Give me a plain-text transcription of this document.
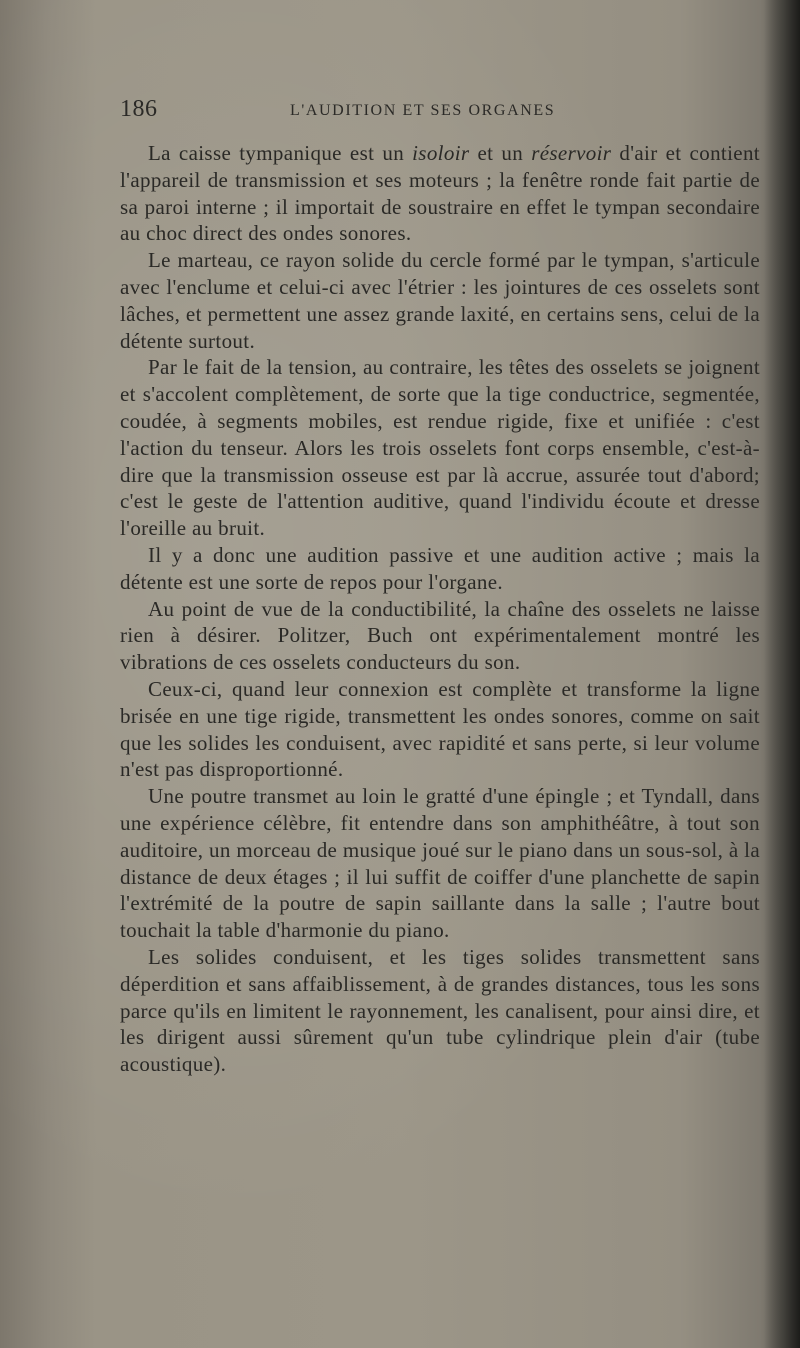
186	L'AUDITION ET SES ORGANES

La caisse tympanique est un isoloir et un réservoir d'air et contient l'appareil de transmission et ses moteurs ; la fenêtre ronde fait partie de sa paroi interne ; il importait de soustraire en effet le tympan secondaire au choc direct des ondes sonores.

Le marteau, ce rayon solide du cercle formé par le tympan, s'articule avec l'enclume et celui-ci avec l'étrier : les jointures de ces osselets sont lâches, et permettent une assez grande laxité, en certains sens, celui de la détente surtout.

Par le fait de la tension, au contraire, les têtes des osselets se joignent et s'accolent complètement, de sorte que la tige conductrice, segmentée, coudée, à segments mobiles, est rendue rigide, fixe et unifiée : c'est l'action du tenseur. Alors les trois osselets font corps ensemble, c'est-à-dire que la transmission osseuse est par là accrue, assurée tout d'abord; c'est le geste de l'attention auditive, quand l'individu écoute et dresse l'oreille au bruit.

Il y a donc une audition passive et une audition active ; mais la détente est une sorte de repos pour l'organe.

Au point de vue de la conductibilité, la chaîne des osselets ne laisse rien à désirer. Politzer, Buch ont expérimentalement montré les vibrations de ces osselets conducteurs du son.

Ceux-ci, quand leur connexion est complète et transforme la ligne brisée en une tige rigide, transmettent les ondes sonores, comme on sait que les solides les conduisent, avec rapidité et sans perte, si leur volume n'est pas disproportionné.

Une poutre transmet au loin le gratté d'une épingle ; et Tyndall, dans une expérience célèbre, fit entendre dans son amphithéâtre, à tout son auditoire, un morceau de musique joué sur le piano dans un sous-sol, à la distance de deux étages ; il lui suffit de coiffer d'une planchette de sapin l'extrémité de la poutre de sapin saillante dans la salle ; l'autre bout touchait la table d'harmonie du piano.

Les solides conduisent, et les tiges solides transmettent sans déperdition et sans affaiblissement, à de grandes distances, tous les sons parce qu'ils en limitent le rayonnement, les canalisent, pour ainsi dire, et les dirigent aussi sûrement qu'un tube cylindrique plein d'air (tube acoustique).
